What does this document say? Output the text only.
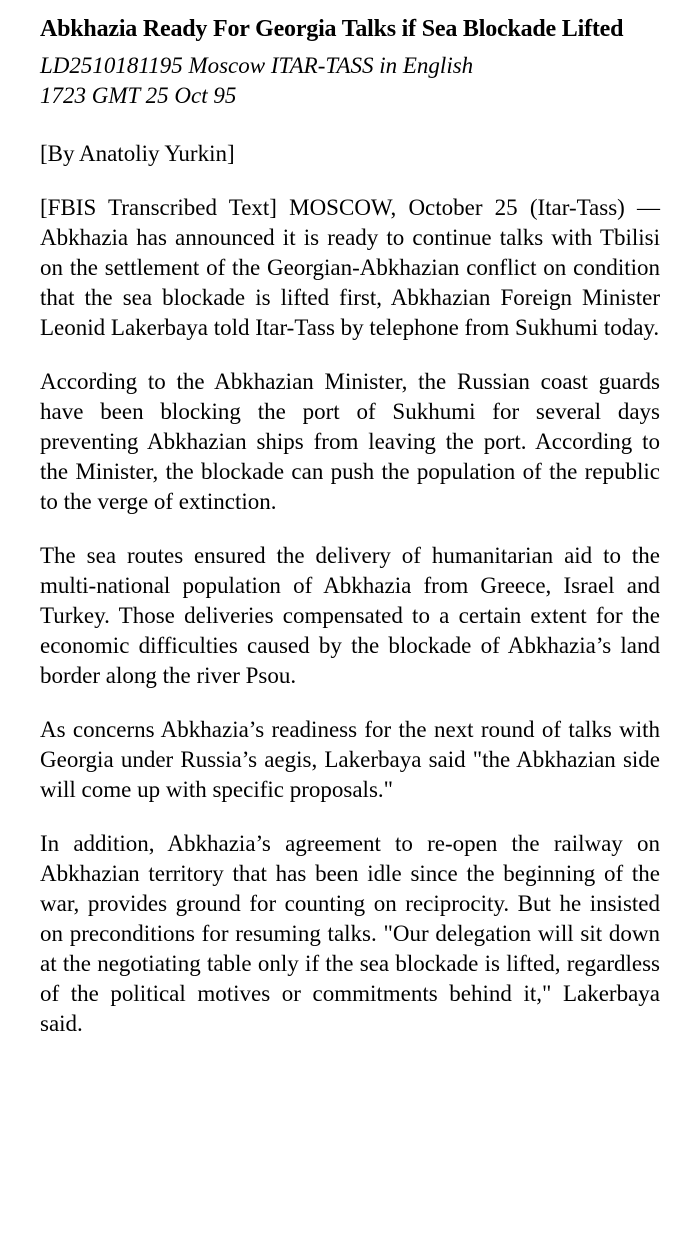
Abkhazia Ready For Georgia Talks if Sea Blockade Lifted
LD2510181195 Moscow ITAR-TASS in English
1723 GMT 25 Oct 95
[By Anatoliy Yurkin]

[FBIS Transcribed Text] MOSCOW, October 25 (Itar-Tass) — Abkhazia has announced it is ready to continue talks with Tbilisi on the settlement of the Georgian-Abkhazian conflict on condition that the sea blockade is lifted first, Abkhazian Foreign Minister Leonid Lakerbaya told Itar-Tass by telephone from Sukhumi today.

According to the Abkhazian Minister, the Russian coast guards have been blocking the port of Sukhumi for several days preventing Abkhazian ships from leaving the port. According to the Minister, the blockade can push the population of the republic to the verge of extinction.

The sea routes ensured the delivery of humanitarian aid to the multi-national population of Abkhazia from Greece, Israel and Turkey. Those deliveries compensated to a certain extent for the economic difficulties caused by the blockade of Abkhazia’s land border along the river Psou.

As concerns Abkhazia’s readiness for the next round of talks with Georgia under Russia’s aegis, Lakerbaya said "the Abkhazian side will come up with specific proposals."

In addition, Abkhazia’s agreement to re-open the railway on Abkhazian territory that has been idle since the beginning of the war, provides ground for counting on reciprocity. But he insisted on preconditions for resuming talks. "Our delegation will sit down at the negotiating table only if the sea blockade is lifted, regardless of the political motives or commitments behind it," Lakerbaya said.
